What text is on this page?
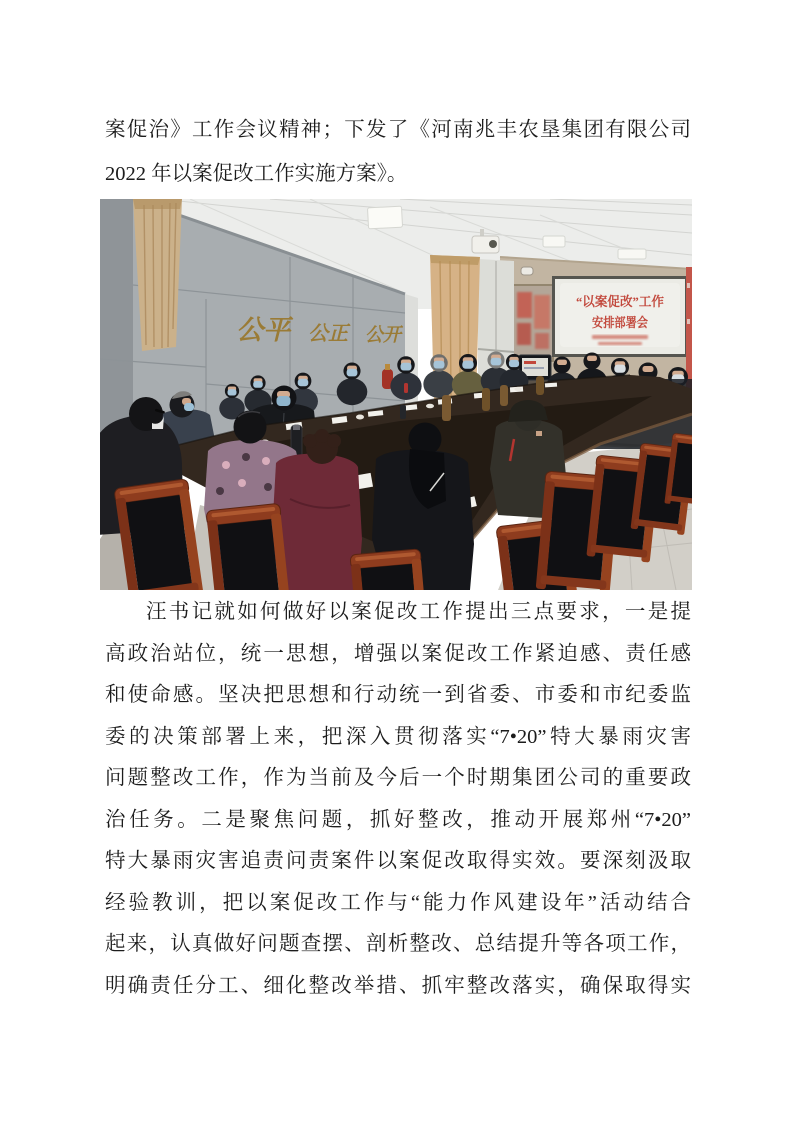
案促治》工作会议精神；下发了《河南兆丰农垦集团有限公司
2022 年以案促改工作实施方案》。
“以案促改”工作
安排部署会
公平 公正 公开
汪书记就如何做好以案促改工作提出三点要求，一是提
高政治站位，统一思想，增强以案促改工作紧迫感、责任感
和使命感。坚决把思想和行动统一到省委、市委和市纪委监
委的决策部署上来，把深入贯彻落实“7•20”特大暴雨灾害
问题整改工作，作为当前及今后一个时期集团公司的重要政
治任务。二是聚焦问题，抓好整改，推动开展郑州“7•20”
特大暴雨灾害追责问责案件以案促改取得实效。要深刻汲取
经验教训，把以案促改工作与“能力作风建设年”活动结合
起来，认真做好问题查摆、剖析整改、总结提升等各项工作，
明确责任分工、细化整改举措、抓牢整改落实，确保取得实
